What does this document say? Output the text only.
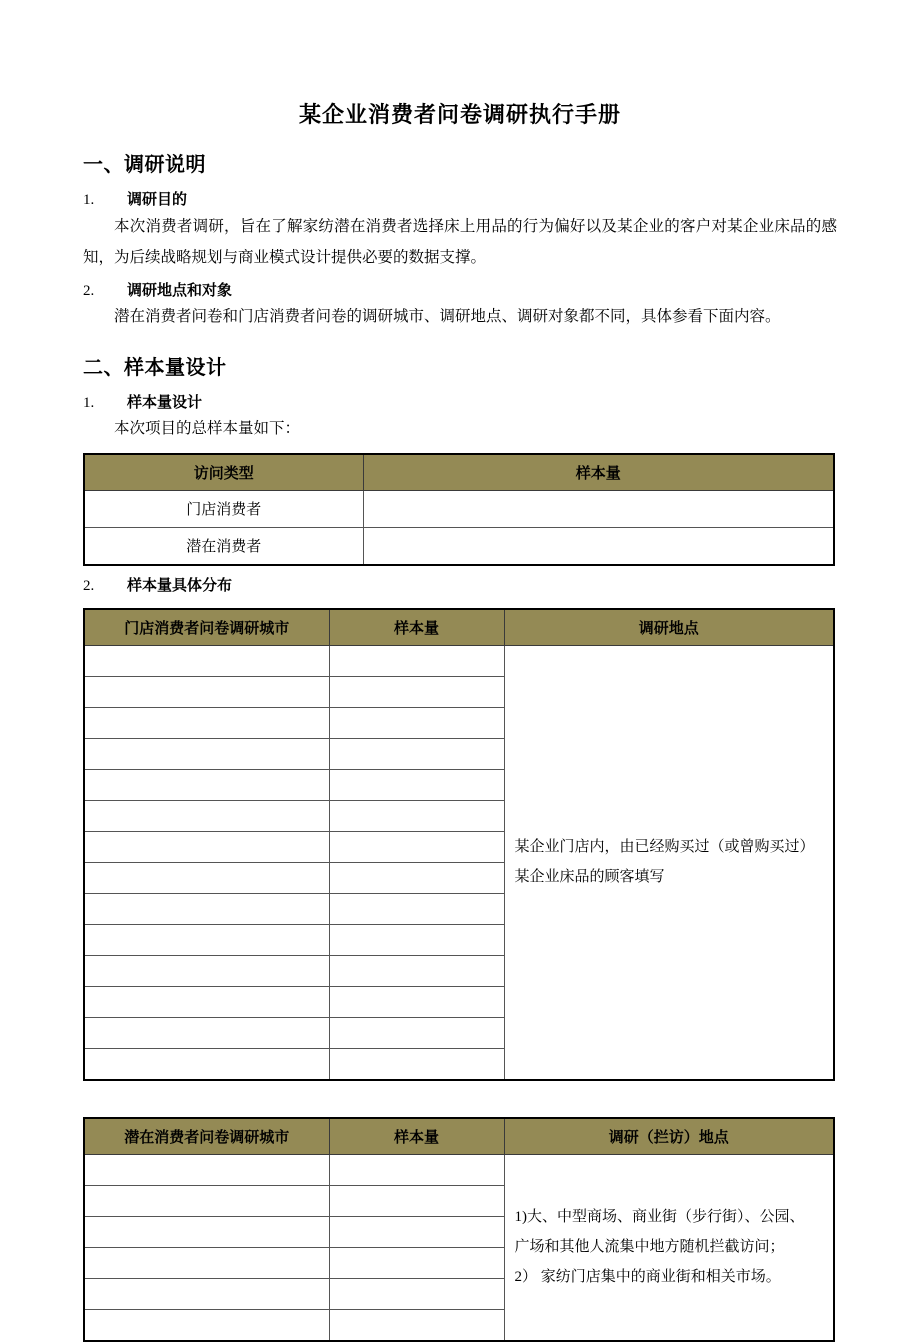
某企业消费者问卷调研执行手册
一、调研说明
1.	调研目的

本次消费者调研，旨在了解家纺潜在消费者选择床上用品的行为偏好以及某企业的客户对某企业床品的感知，为后续战略规划与商业模式设计提供必要的数据支撑。

2.	调研地点和对象

潜在消费者问卷和门店消费者问卷的调研城市、调研地点、调研对象都不同，具体参看下面内容。

二、样本量设计
1.	样本量设计

本次项目的总样本量如下：

访问类型	样本量
门店消费者	
潜在消费者	
2.	样本量具体分布
门店消费者问卷调研城市	样本量	调研地点

		某企业门店内，由已经购买过（或曾购买过）

某企业床品的顾客填写

潜在消费者问卷调研城市	样本量	调研（拦访）地点

		1)大、中型商场、商业街（步行街）、公园、

广场和其他人流集中地方随机拦截访问；

2） 家纺门店集中的商业街和相关市场。
